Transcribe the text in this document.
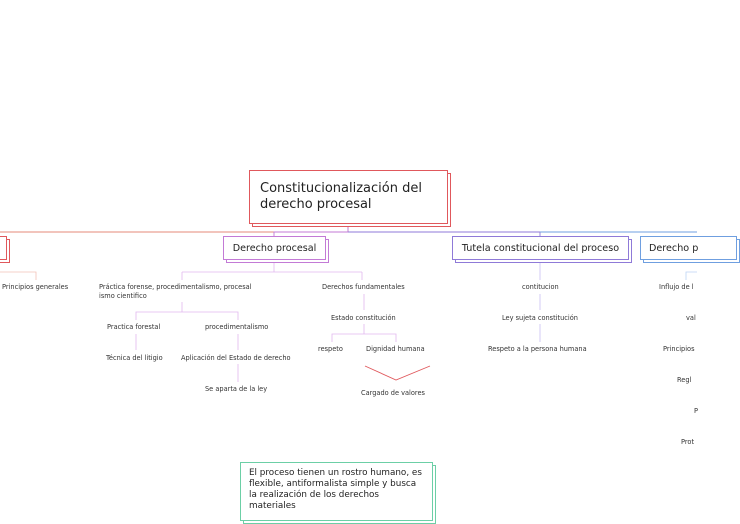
Constitucionalización del derecho procesal
Derecho procesal	Tutela constitucional del proceso	Derecho p
Principios generales	Práctica forense, procedimentalismo, procesal ismo cientifico
Practica forestal
Técnica del litigio
procedimentalismo
Aplicación del Estado de derecho
Se aparta de la ley
Derechos fundamentales
Estado constitución
respeto	Dignidad humana
Cargado de valores
contitucion
Ley sujeta constitución
Respeto a la persona humana
Influjo de l
val
Principios
Regl
P
Prot
El proceso tienen un rostro humano, es flexible, antiformalista simple y busca la realización de los derechos materiales
